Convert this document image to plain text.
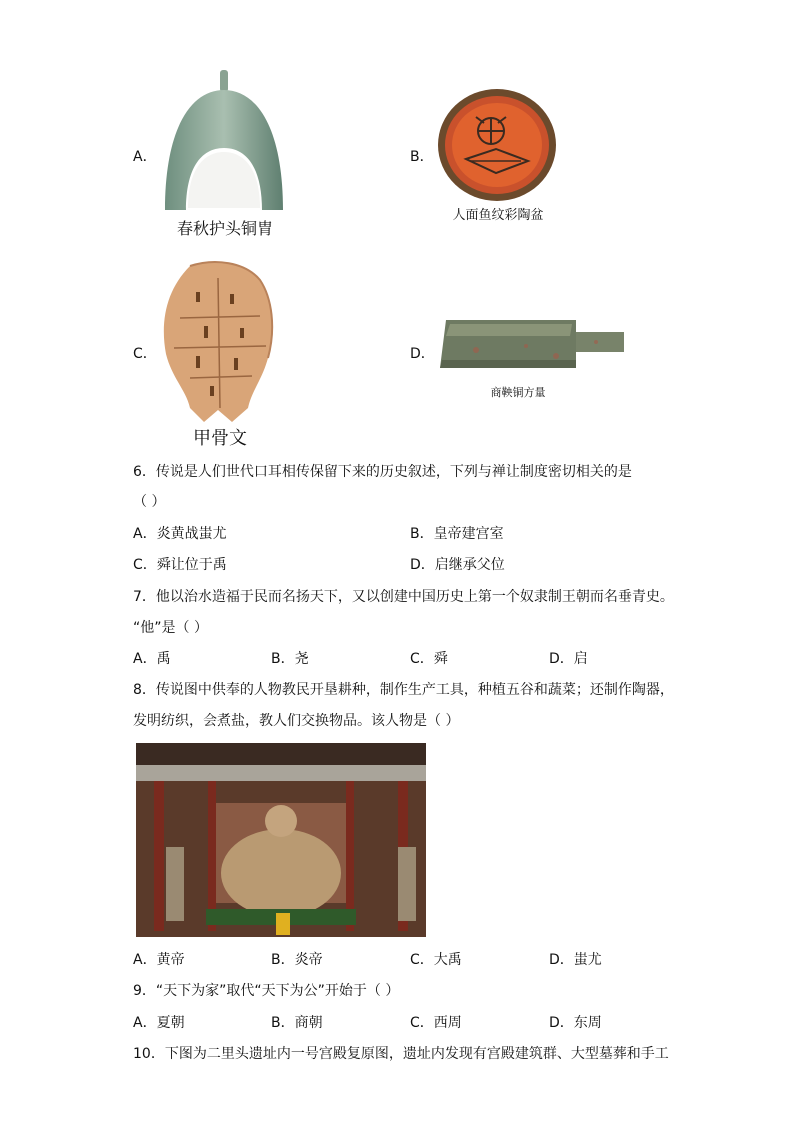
A．
春秋护头铜胄
B．
人面鱼纹彩陶盆
C．
甲骨文
D．
商鞅铜方量
6．传说是人们世代口耳相传保留下来的历史叙述，下列与禅让制度密切相关的是
（ ）
A．炎黄战蚩尤	B．皇帝建宫室
C．舜让位于禹	D．启继承父位
7．他以治水造福于民而名扬天下，又以创建中国历史上第一个奴隶制王朝而名垂青史。
“他”是（ ）
A．禹	B．尧	C．舜	D．启
8．传说图中供奉的人物教民开垦耕种，制作生产工具，种植五谷和蔬菜；还制作陶器，
发明纺织，会煮盐，教人们交换物品。该人物是（ ）
A．黄帝	B．炎帝	C．大禹	D．蚩尤
9．“天下为家”取代“天下为公”开始于（ ）
A．夏朝	B．商朝	C．西周	D．东周
10．下图为二里头遗址内一号宫殿复原图，遗址内发现有宫殿建筑群、大型墓葬和手工
